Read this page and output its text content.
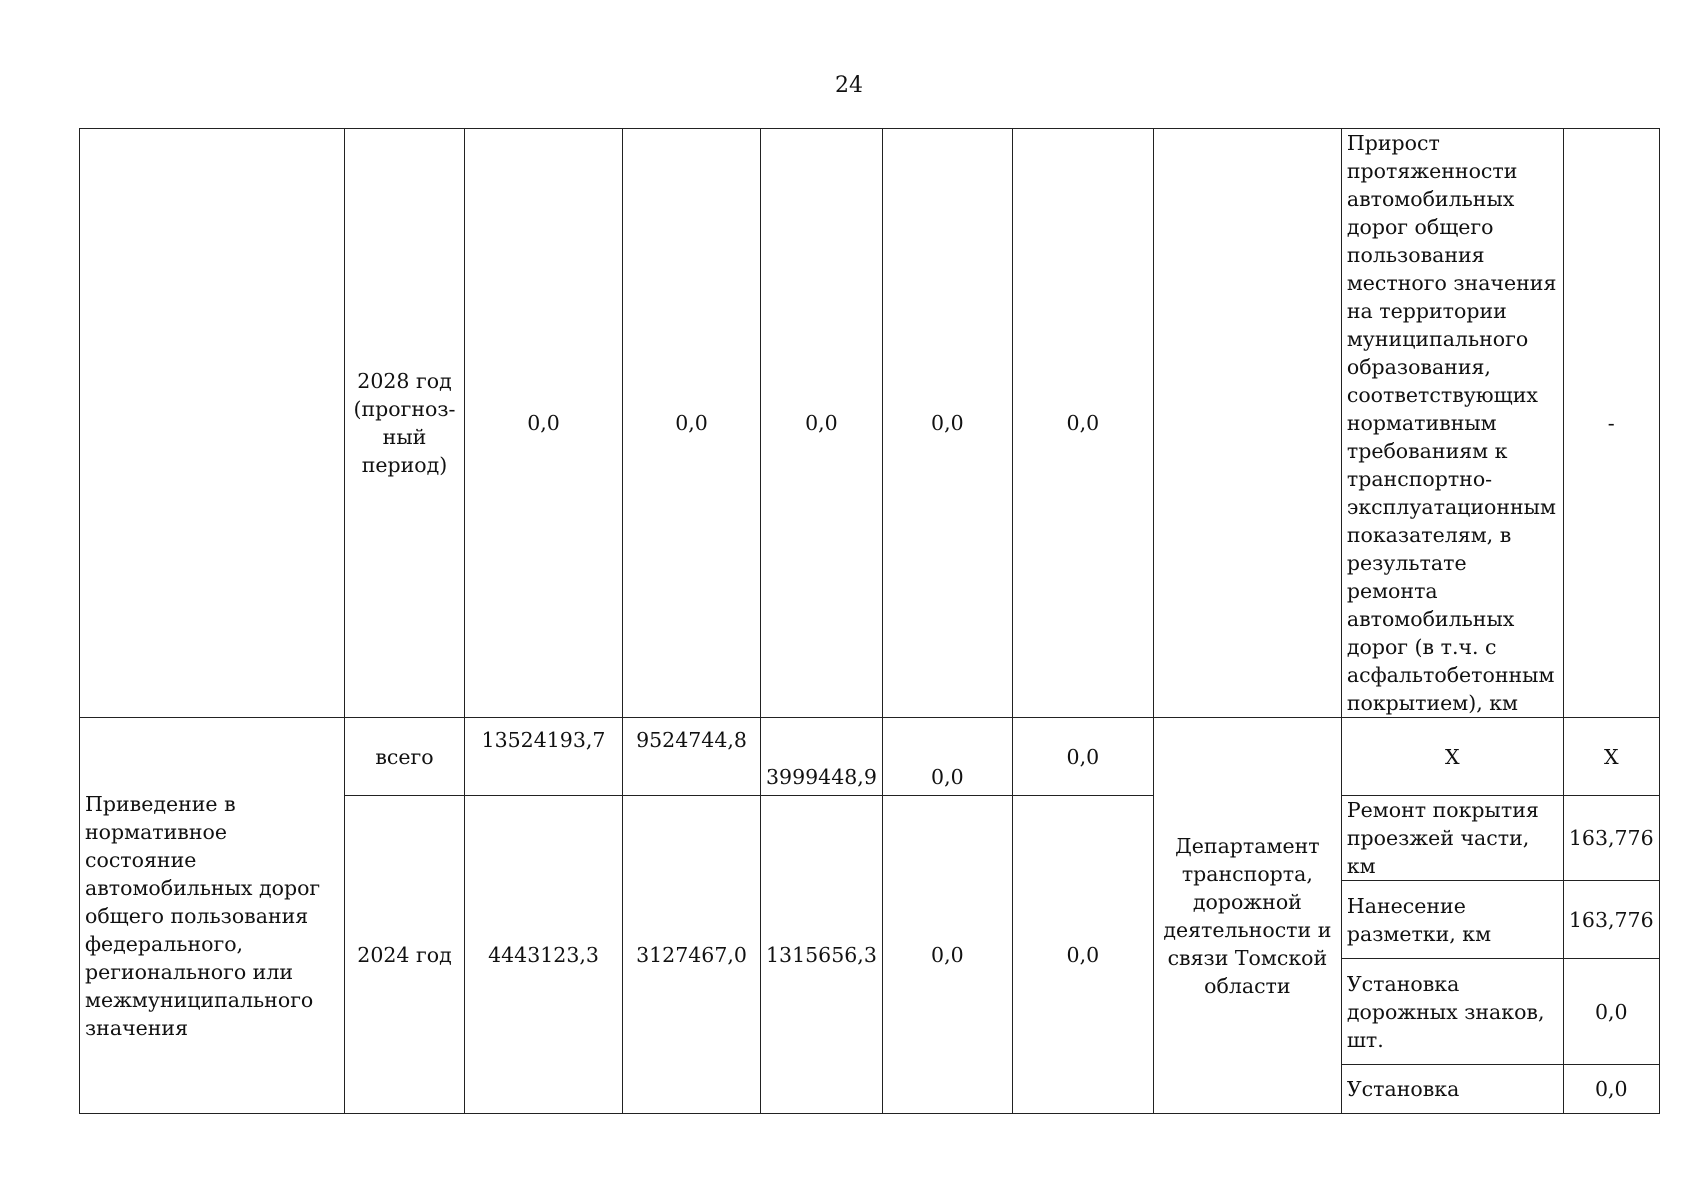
24
	2028 год (прогноз-ный период)	0,0	0,0	0,0	0,0	0,0		Прирост протяженности автомобильных дорог общего пользования местного значения на территории муниципального образования, соответствующих нормативным требованиям к транспортно-эксплуатационным показателям, в результате ремонта автомобильных дорог (в т.ч. с асфальтобетонным покрытием), км	-
Приведение в нормативное состояние автомобильных дорог общего пользования федерального, регионального или межмуниципального значения	всего	13524193,7	9524744,8	3999448,9	0,0	0,0	Департамент транспорта, дорожной деятельности и связи Томской области	Х	Х
	2024 год	4443123,3	3127467,0	1315656,3	0,0	0,0		Ремонт покрытия проезжей части, км	163,776
								Нанесение разметки, км	163,776
								Установка дорожных знаков, шт.	0,0
								Установка	0,0
